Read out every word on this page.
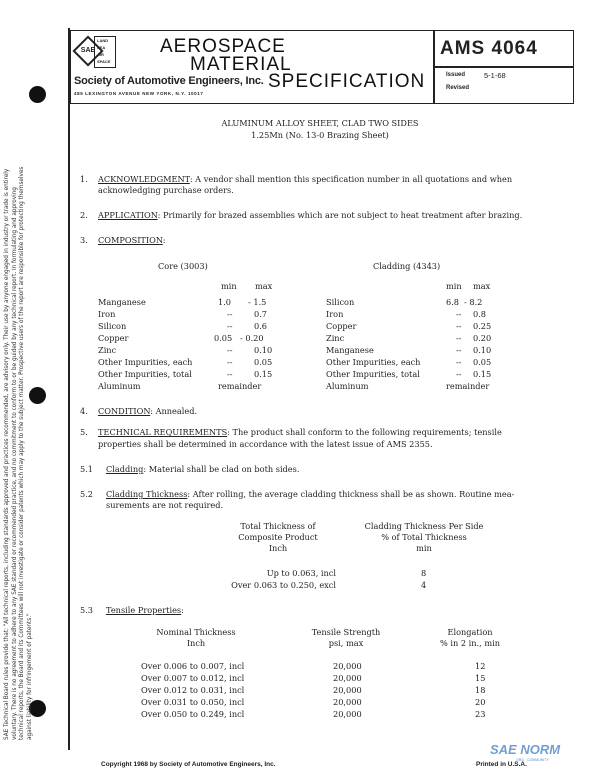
SAE Technical Board rules provide that: "All technical reports, including standards approved and practices recommended, are advisory only. Their use by anyone engaged in industry or trade is entirely voluntary. There is no agreement to adhere to any SAE standard or recommended practice, and no commitment to conform to or be guided by any technical report. In formulating and approving technical reports, the Board and its Committees will not investigate or consider patents which may apply to the subject matter. Prospective users of the report are responsible for protecting themselves against liability for infringement of patents."
SAE
LAND
SEA
AIR
SPACE
AEROSPACE
MATERIAL
SPECIFICATION
Society of Automotive Engineers, Inc.
485 LEXINGTON AVENUE NEW YORK, N.Y. 10017
AMS 4064
Issued	5-1-68
Revised
ALUMINUM ALLOY SHEET, CLAD TWO SIDES
1.25Mn (No. 13-0 Brazing Sheet)
1. ACKNOWLEDGMENT: A vendor shall mention this specification number in all quotations and when
acknowledging purchase orders.
2. APPLICATION: Primarily for brazed assemblies which are not subject to heat treatment after brazing.
3. COMPOSITION:
Core (3003)	Cladding (4343)
min max	min max
Manganese	1.0 - 1.5
Iron	--	0.7
Silicon	--	0.6
Copper	0.05 - 0.20
Zinc	--	0.10
Other Impurities, each	--	0.05
Other Impurities, total	--	0.15
Aluminum	remainder
Silicon	6.8 - 8.2
Iron	-- 0.8
Copper	-- 0.25
Zinc	-- 0.20
Manganese	-- 0.10
Other Impurities, each	-- 0.05
Other Impurities, total	-- 0.15
Aluminum	remainder
4. CONDITION: Annealed.
5. TECHNICAL REQUIREMENTS: The product shall conform to the following requirements; tensile
properties shall be determined in accordance with the latest issue of AMS 2355.
5.1 Cladding: Material shall be clad on both sides.
5.2 Cladding Thickness: After rolling, the average cladding thickness shall be as shown. Routine mea-
surements are not required.
Total Thickness of
Composite Product
Inch
Cladding Thickness Per Side
% of Total Thickness
min
Up to 0.063, incl	8
Over 0.063 to 0.250, excl	4
5.3 Tensile Properties:
Nominal Thickness
Inch
Tensile Strength
psi, max
Elongation
% in 2 in., min
Over 0.006 to 0.007, incl	20,000	12
Over 0.007 to 0.012, incl	20,000	15
Over 0.012 to 0.031, incl	20,000	18
Over 0.031 to 0.050, incl	20,000	20
Over 0.050 to 0.249, incl	20,000	23
Copyright 1968 by Society of Automotive Engineers, Inc.	Printed in U.S.A.
SAE NORM
ORG · COMMUNITY
